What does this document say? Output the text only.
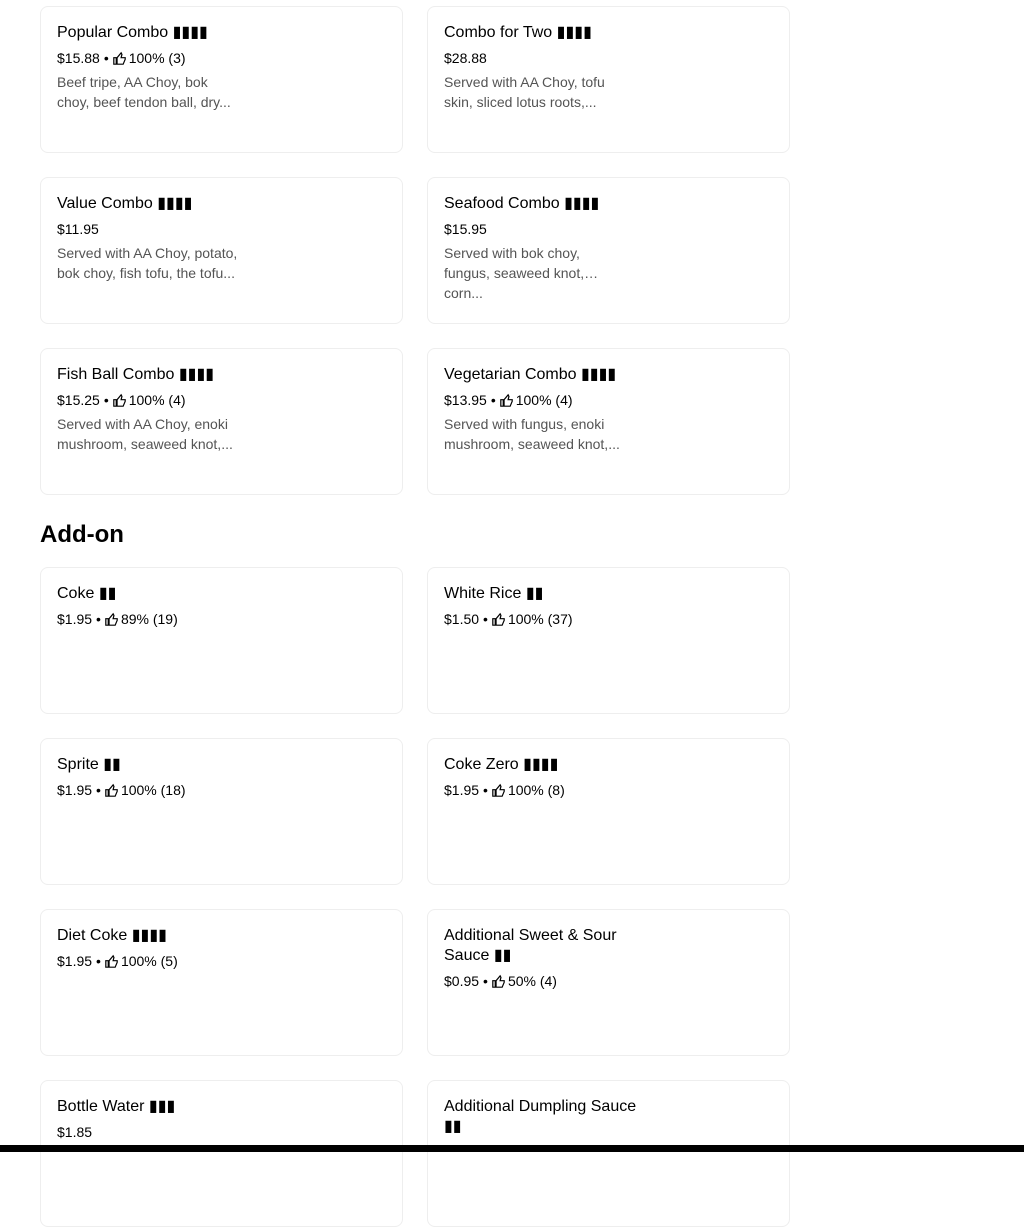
Popular Combo ▮▮▮▮
$15.88 • 100% (3)
Beef tripe, AA Choy, bok choy, beef tendon ball, dry...
Combo for Two ▮▮▮▮
$28.88
Served with AA Choy, tofu skin, sliced lotus roots,...
Value Combo ▮▮▮▮
$11.95
Served with AA Choy, potato, bok choy, fish tofu, the tofu...
Seafood Combo ▮▮▮▮
$15.95
Served with bok choy, fungus, seaweed knot, corn...
Fish Ball Combo ▮▮▮▮
$15.25 • 100% (4)
Served with AA Choy, enoki mushroom, seaweed knot,...
Vegetarian Combo ▮▮▮▮
$13.95 • 100% (4)
Served with fungus, enoki mushroom, seaweed knot,...
Add-on
Coke ▮▮
$1.95 • 89% (19)
White Rice ▮▮
$1.50 • 100% (37)
Sprite ▮▮
$1.95 • 100% (18)
Coke Zero ▮▮▮▮
$1.95 • 100% (8)
Diet Coke ▮▮▮▮
$1.95 • 100% (5)
Additional Sweet & Sour Sauce ▮▮
$0.95 • 50% (4)
Bottle Water ▮▮▮
$1.85
Additional Dumpling Sauce ▮▮
